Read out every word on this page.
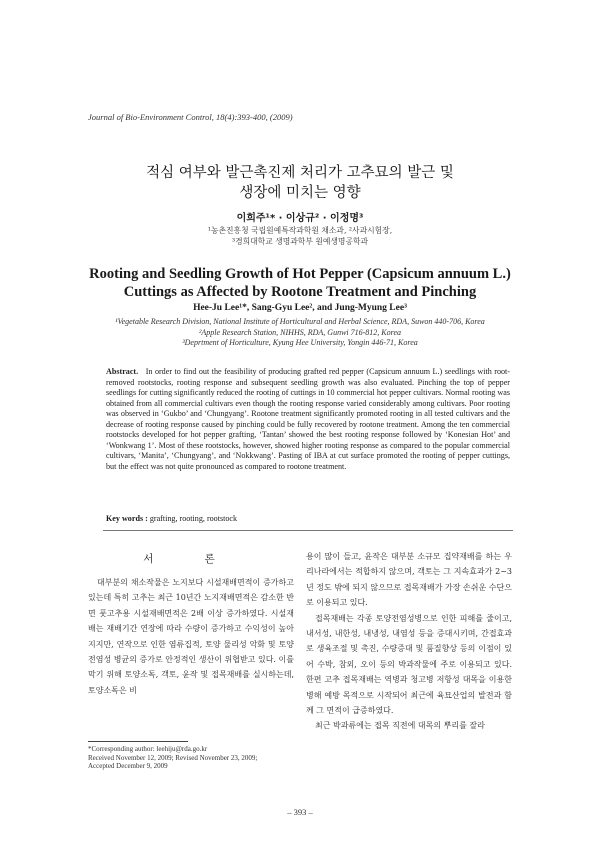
Journal of Bio-Environment Control, 18(4):393-400, (2009)
적심 여부와 발근촉진제 처리가 고추묘의 발근 및
생장에 미치는 영향
이희주¹* · 이상규² · 이정명³
¹농촌진흥청 국립원예특작과학원 채소과, ²사과시험장,
³경희대학교 생명과학부 원예생명공학과
Rooting and Seedling Growth of Hot Pepper (Capsicum annuum L.)
Cuttings as Affected by Rootone Treatment and Pinching
Hee-Ju Lee¹*, Sang-Gyu Lee², and Jung-Myung Lee³
¹Vegetable Research Division, National Institute of Horticultural and Herbal Science, RDA, Suwon 440-706, Korea
²Apple Research Station, NIHHS, RDA, Gunwi 716-812, Korea
³Deprtment of Horticulture, Kyung Hee University, Yongin 446-71, Korea
Abstract. In order to find out the feasibility of producing grafted red pepper (Capsicum annuum L.) seedlings with root-removed rootstocks, rooting response and subsequent seedling growth was also evaluated. Pinching the top of pepper seedlings for cutting significantly reduced the rooting of cuttings in 10 commercial hot pepper cultivars. Normal rooting was obtained from all commercial cultivars even though the rooting response varied considerably among cultivars. Poor rooting was observed in ‘Gukbo’ and ‘Chungyang’. Rootone treatment significantly promoted rooting in all tested cultivars and the decrease of rooting response caused by pinching could be fully recovered by rootone treatment. Among the ten commercial rootstocks developed for hot pepper grafting, ‘Tantan’ showed the best rooting response followed by ‘Konesian Hot’ and ‘Wonkwang 1’. Most of these rootstocks, however, showed higher rooting response as compared to the popular commercial cultivars, ‘Manita’, ‘Chungyang’, and ‘Nokkwang’. Pasting of IBA at cut surface promoted the rooting of pepper cuttings, but the effect was not quite pronounced as compared to rootone treatment.
Key words : grafting, rooting, rootstock
서 론
대부분의 채소작물은 노지보다 시설재배면적이 증가하고 있는데 특히 고추는 최근 10년간 노지재배면적은 감소한 반면 풋고추용 시설재배면적은 2배 이상 증가하였다. 시설재배는 재배기간 연장에 따라 수량이 증가하고 수익성이 높아지지만, 연작으로 인한 염류집적, 토양 물리성 악화 및 토양전염성 병균의 증가로 안정적인 생산이 위협받고 있다. 이를 막기 위해 토양소독, 객토, 윤작 및 접목재배를 실시하는데, 토양소독은 비

용이 많이 들고, 윤작은 대부분 소규모 집약재배를 하는 우리나라에서는 적합하지 않으며, 객토는 그 지속효과가 2~3년 정도 밖에 되지 않으므로 접목재배가 가장 손쉬운 수단으로 이용되고 있다.

접목재배는 각종 토양전염성병으로 인한 피해를 줄이고, 내서성, 내한성, 내냉성, 내염성 등을 증대시키며, 간접효과로 생육조절 및 촉진, 수량증대 및 품질향상 등의 이점이 있어 수박, 참외, 오이 등의 박과작물에 주로 이용되고 있다. 한편 고추 접목재배는 역병과 청고병 저항성 대목을 이용한 병해 예방 목적으로 시작되어 최근에 육묘산업의 발전과 함께 그 면적이 급증하였다.

최근 박과류에는 접목 직전에 대목의 뿌리를 잘라

*Corresponding author: leehiju@rda.go.kr
Received November 12, 2009; Revised November 23, 2009;
Accepted December 9, 2009
– 393 –
